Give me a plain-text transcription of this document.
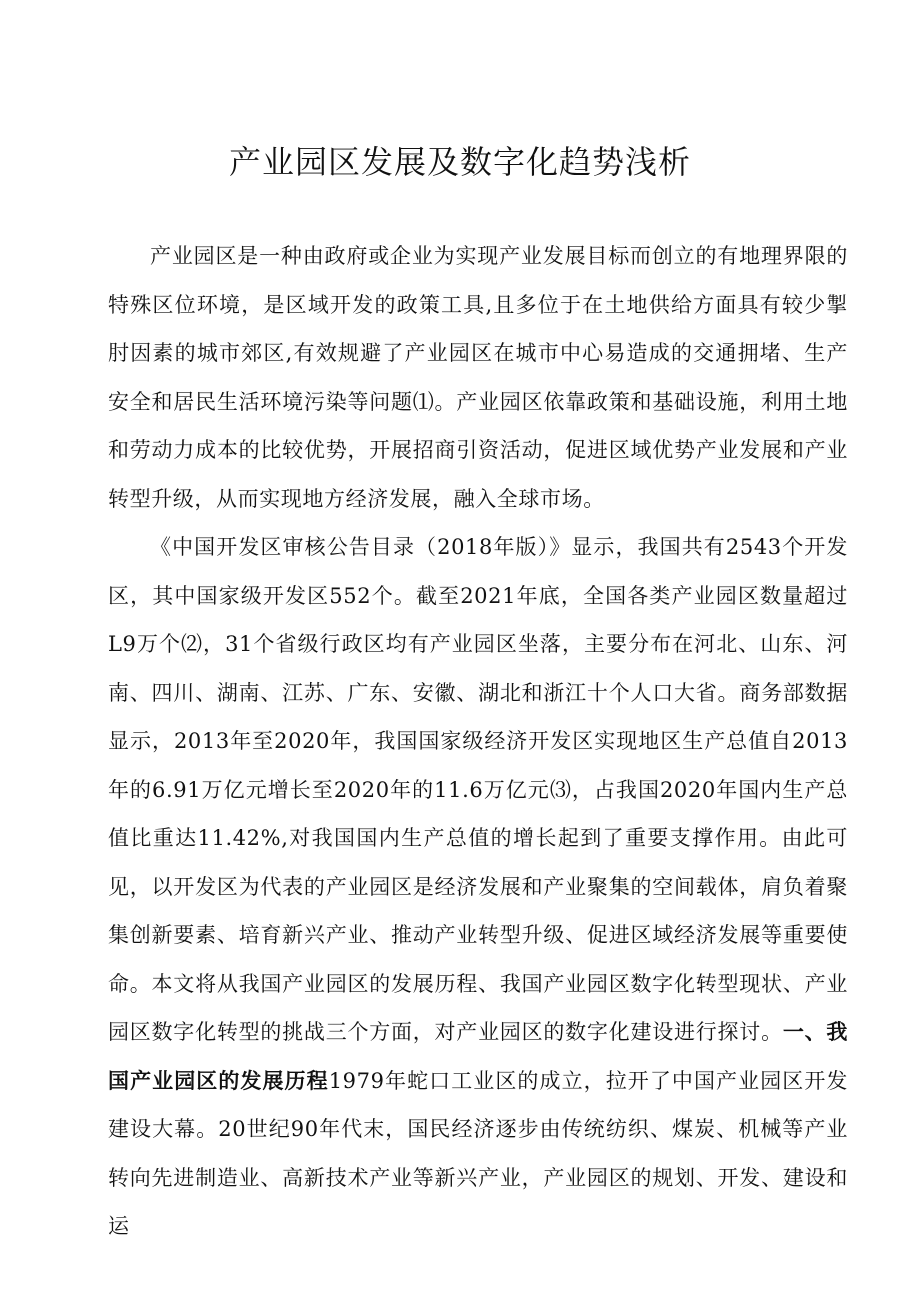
产业园区发展及数字化趋势浅析

产业园区是一种由政府或企业为实现产业发展目标而创立的有地理界限的特殊区位环境，是区域开发的政策工具,且多位于在土地供给方面具有较少掣肘因素的城市郊区,有效规避了产业园区在城市中心易造成的交通拥堵、生产安全和居民生活环境污染等问题⑴。产业园区依靠政策和基础设施，利用土地和劳动力成本的比较优势，开展招商引资活动，促进区域优势产业发展和产业转型升级，从而实现地方经济发展，融入全球市场。

《中国开发区审核公告目录（2018年版）》显示，我国共有2543个开发区，其中国家级开发区552个。截至2021年底，全国各类产业园区数量超过L9万个⑵，31个省级行政区均有产业园区坐落，主要分布在河北、山东、河南、四川、湖南、江苏、广东、安徽、湖北和浙江十个人口大省。商务部数据显示，2013年至2020年，我国国家级经济开发区实现地区生产总值自2013年的6.91万亿元增长至2020年的11.6万亿元⑶，占我国2020年国内生产总值比重达11.42%,对我国国内生产总值的增长起到了重要支撑作用。由此可见，以开发区为代表的产业园区是经济发展和产业聚集的空间载体，肩负着聚集创新要素、培育新兴产业、推动产业转型升级、促进区域经济发展等重要使命。本文将从我国产业园区的发展历程、我国产业园区数字化转型现状、产业园区数字化转型的挑战三个方面，对产业园区的数字化建设进行探讨。一、我国产业园区的发展历程1979年蛇口工业区的成立，拉开了中国产业园区开发建设大幕。20世纪90年代末，国民经济逐步由传统纺织、煤炭、机械等产业转向先进制造业、高新技术产业等新兴产业，产业园区的规划、开发、建设和运
